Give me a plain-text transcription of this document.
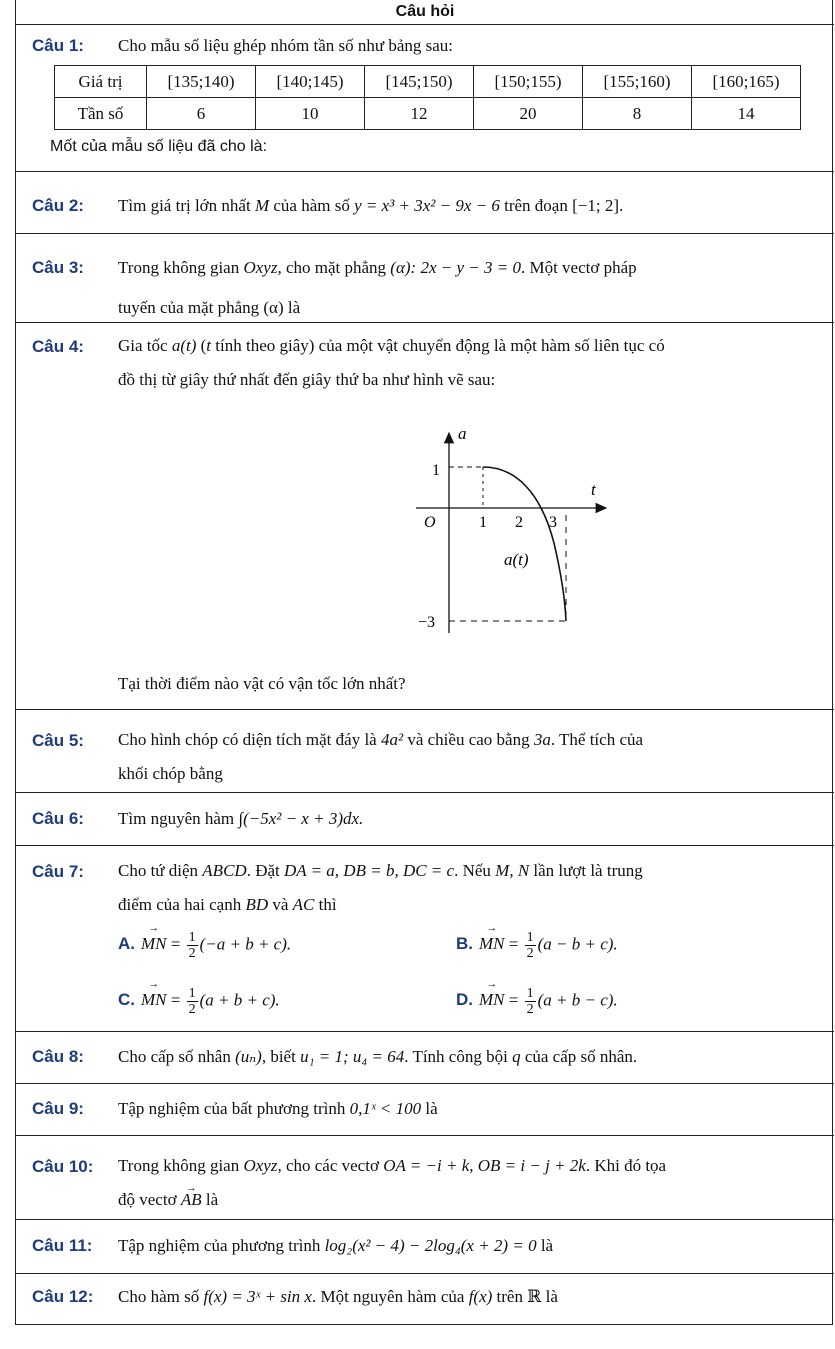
Câu hỏi
Câu 1: Cho mẫu số liệu ghép nhóm tần số như bảng sau:
Giá trị	[135;140)	[140;145)	[145;150)	[150;155)	[155;160)	[160;165)
Tần số	6	10	12	20	8	14
Mốt của mẫu số liệu đã cho là:
Câu 2: Tìm giá trị lớn nhất M của hàm số y = x³ + 3x² − 9x − 6 trên đoạn [−1; 2].
Câu 3: Trong không gian Oxyz, cho mặt phẳng (α): 2x − y − 3 = 0. Một vectơ pháp
tuyến của mặt phẳng (α) là
Câu 4: Gia tốc a(t) (t tính theo giây) của một vật chuyển động là một hàm số liên tục có
đồ thị từ giây thứ nhất đến giây thứ ba như hình vẽ sau:
a
t
O
1
−3
1 2 3
a(t)
Tại thời điểm nào vật có vận tốc lớn nhất?
Câu 5: Cho hình chóp có diện tích mặt đáy là 4a² và chiều cao bằng 3a. Thể tích của
khối chóp bằng
Câu 6: Tìm nguyên hàm ∫(−5x² − x + 3)dx.
Câu 7: Cho tứ diện ABCD. Đặt DA = a, DB = b, DC = c. Nếu M, N lần lượt là trung
điểm của hai cạnh BD và AC thì
A. → MN = $\frac{1}{2} (-a + b + c)$.	B. → MN = $\frac{1}{2} (a - b + c)$.
C. → MN = $\frac{1}{2} (a + b + c)$.	D. → MN = $\frac{1}{2} (a + b - c)$.
Câu 8: Cho cấp số nhân (uₙ), biết u₁ = 1; u₄ = 64. Tính công bội q của cấp số nhân.
Câu 9: Tập nghiệm của bất phương trình 0,1ˣ < 100 là
Câu 10: Trong không gian Oxyz, cho các vectơ OA = −i + k, OB = i − j + 2k. Khi đó tọa
độ vectơ → AB là
Câu 11: Tập nghiệm của phương trình log₂(x² − 4) − 2log₄(x + 2) = 0 là
Câu 12: Cho hàm số f(x) = 3ˣ + sin x. Một nguyên hàm của f(x) trên ℝ là
